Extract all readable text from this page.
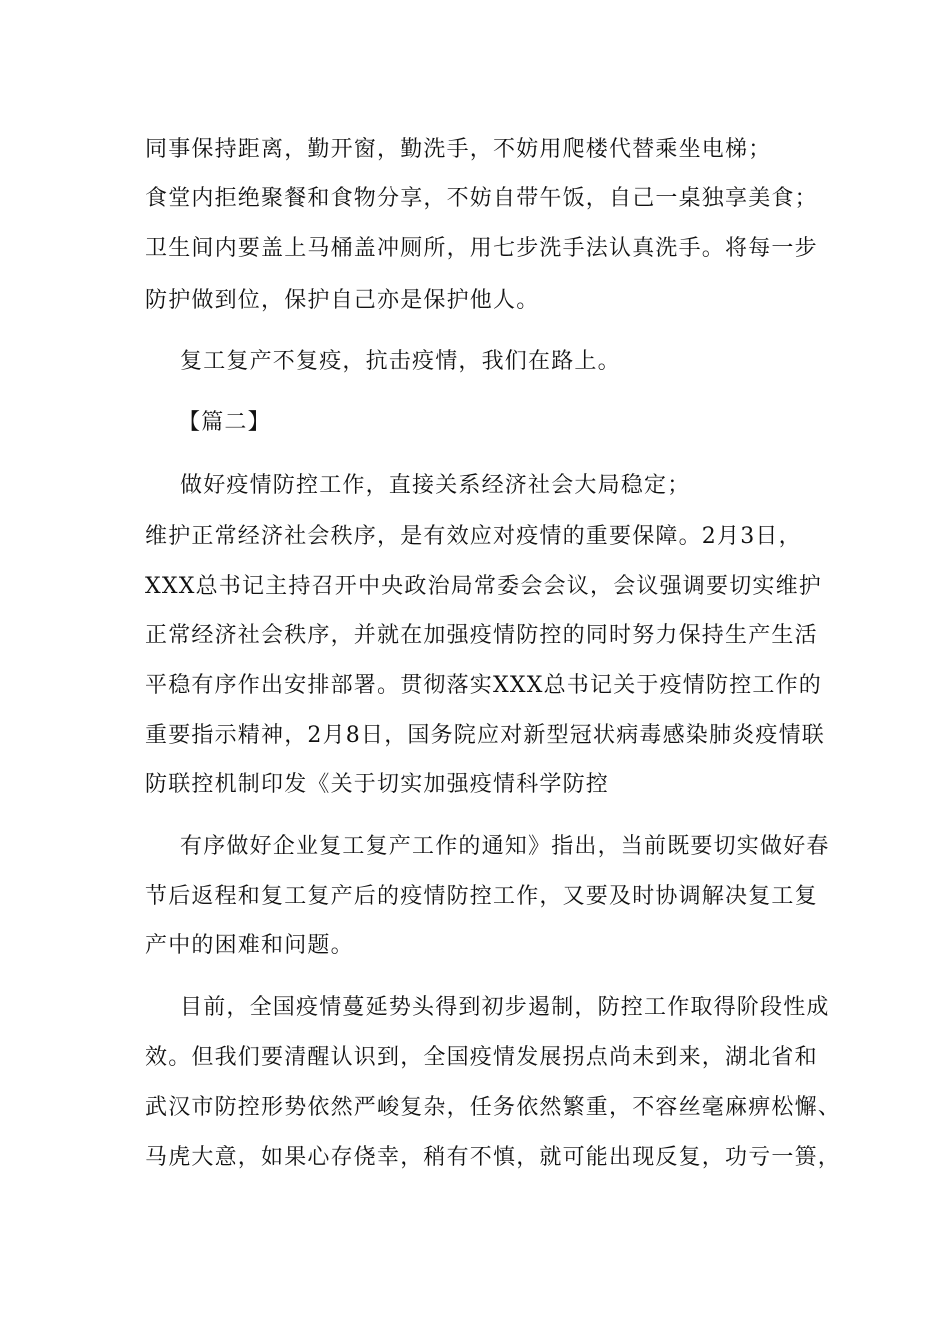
同事保持距离，勤开窗，勤洗手，不妨用爬楼代替乘坐电梯；
食堂内拒绝聚餐和食物分享，不妨自带午饭，自己一桌独享美食；
卫生间内要盖上马桶盖冲厕所，用七步洗手法认真洗手。将每一步
防护做到位，保护自己亦是保护他人。
复工复产不复疫，抗击疫情，我们在路上。
【篇二】
做好疫情防控工作，直接关系经济社会大局稳定；
维护正常经济社会秩序，是有效应对疫情的重要保障。2月3日，
XXX总书记主持召开中央政治局常委会会议，会议强调要切实维护
正常经济社会秩序，并就在加强疫情防控的同时努力保持生产生活
平稳有序作出安排部署。贯彻落实XXX总书记关于疫情防控工作的
重要指示精神，2月8日，国务院应对新型冠状病毒感染肺炎疫情联
防联控机制印发《关于切实加强疫情科学防控
有序做好企业复工复产工作的通知》指出，当前既要切实做好春
节后返程和复工复产后的疫情防控工作，又要及时协调解决复工复
产中的困难和问题。
目前，全国疫情蔓延势头得到初步遏制，防控工作取得阶段性成
效。但我们要清醒认识到，全国疫情发展拐点尚未到来，湖北省和
武汉市防控形势依然严峻复杂，任务依然繁重，不容丝毫麻痹松懈、
马虎大意，如果心存侥幸，稍有不慎，就可能出现反复，功亏一篑，
